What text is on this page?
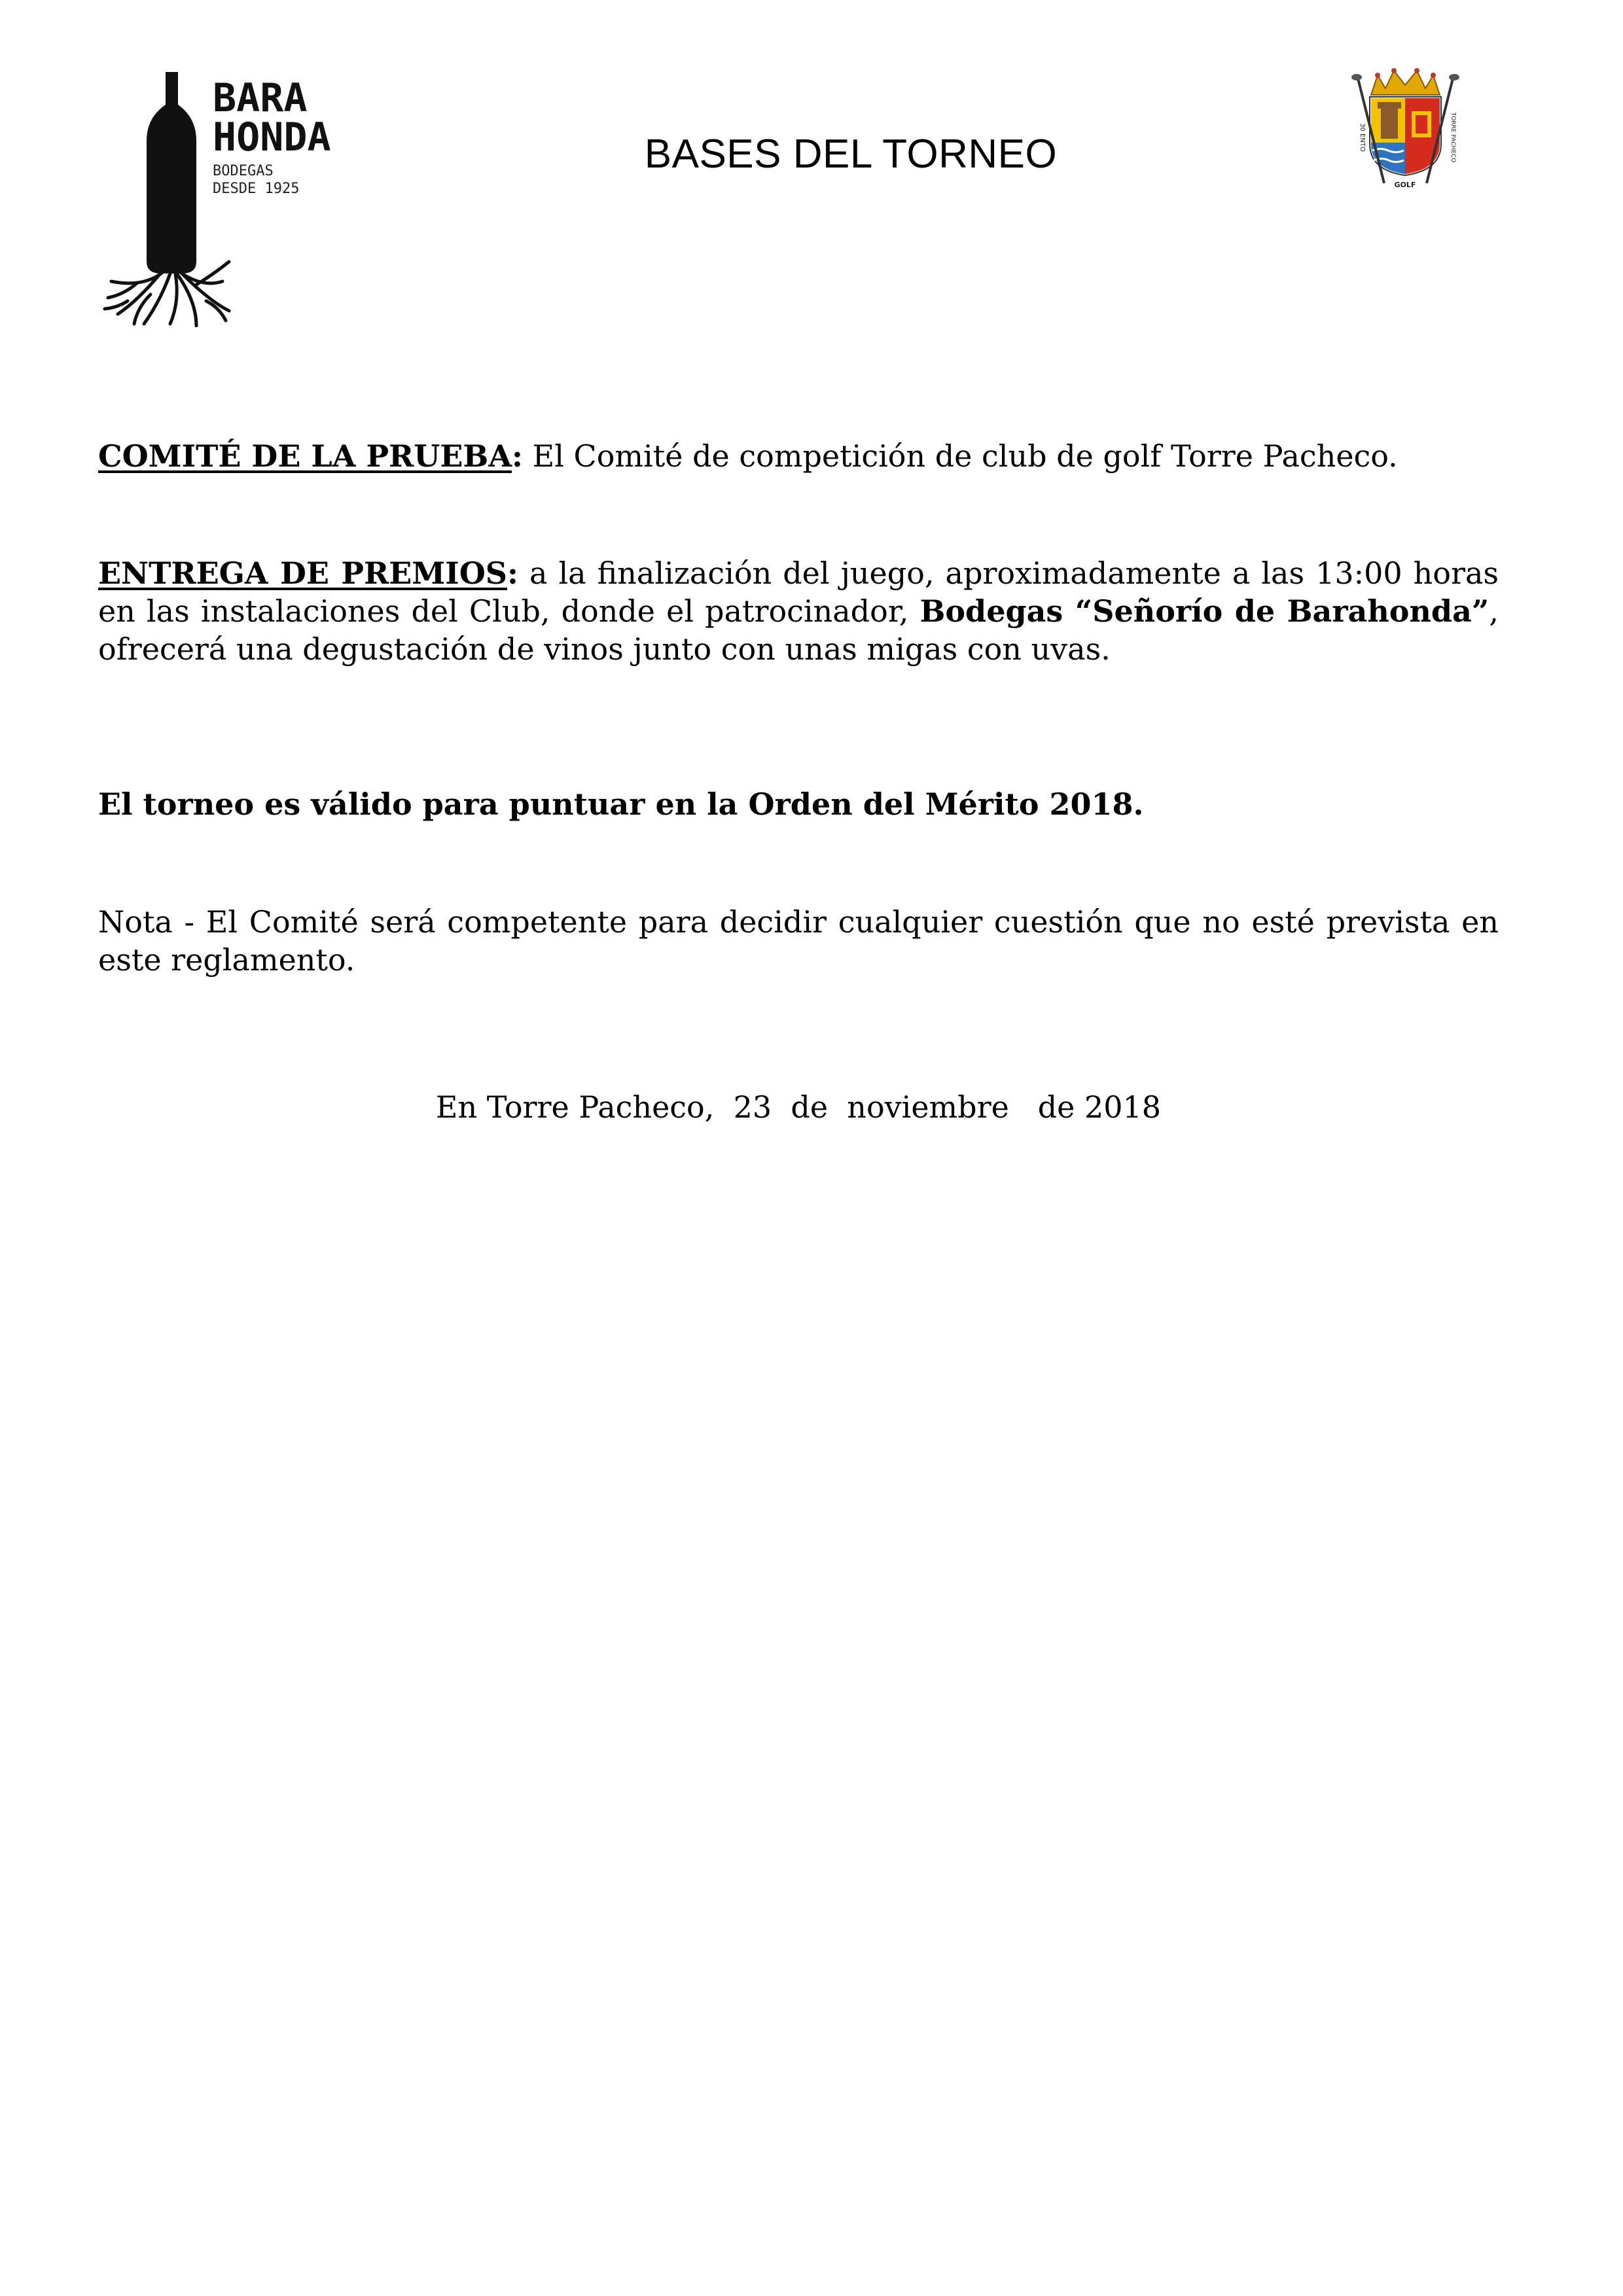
BARA
HONDA
BODEGAS
DESDE 1925
BASES DEL TORNEO	30 ENTO	TORRE PACHECO
GOLF
COMITÉ DE LA PRUEBA: El Comité de competición de club de golf Torre Pacheco.
ENTREGA DE PREMIOS: a la finalización del juego, aproximadamente a las 13:00 horas en las instalaciones del Club, donde el patrocinador, Bodegas “Señorío de Barahonda”, ofrecerá una degustación de vinos junto con unas migas con uvas.
El torneo es válido para puntuar en la Orden del Mérito 2018.
Nota - El Comité será competente para decidir cualquier cuestión que no esté prevista en este reglamento.
En Torre Pacheco,  23  de  noviembre   de 2018
